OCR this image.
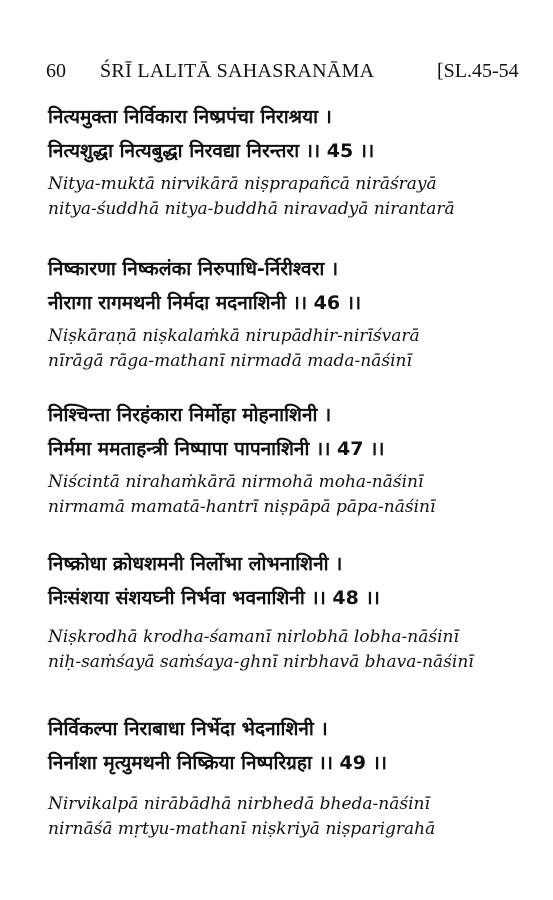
60 ŚRĪ LALITĀ SAHASRANĀMA	[SL.45-54
नित्यमुक्ता निर्विकारा निष्प्रपंचा निराश्रया ।
नित्यशुद्धा नित्यबुद्धा निरवद्या निरन्तरा ।। 45 ।।
Nitya-muktā nirvikārā niṣprapañcā nirāśrayā
nitya-śuddhā nitya-buddhā niravadyā nirantarā
निष्कारणा निष्कलंका निरुपाधि-र्निरीश्वरा ।
नीरागा रागमथनी निर्मदा मदनाशिनी ।। 46 ।।
Niṣkāraṇā niṣkalaṁkā nirupādhir-nirīśvarā
nīrāgā rāga-mathanī nirmadā mada-nāśinī
निश्चिन्ता निरहंकारा निर्मोहा मोहनाशिनी ।
निर्ममा ममताहन्त्री निष्पापा पापनाशिनी ।। 47 ।।
Niścintā nirahaṁkārā nirmohā moha-nāśinī
nirmamā mamatā-hantrī niṣpāpā pāpa-nāśinī
निष्क्रोधा क्रोधशमनी निर्लोभा लोभनाशिनी ।
निःसंशया संशयघ्नी निर्भवा भवनाशिनी ।। 48 ।।
Niṣkrodhā krodha-śamanī nirlobhā lobha-nāśinī
niḥ-saṁśayā saṁśaya-ghnī nirbhavā bhava-nāśinī
निर्विकल्पा निराबाधा निर्भेदा भेदनाशिनी ।
निर्नाशा मृत्युमथनी निष्क्रिया निष्परिग्रहा ।। 49 ।।
Nirvikalpā nirābādhā nirbhedā bheda-nāśinī
nirnāśā mṛtyu-mathanī niṣkriyā niṣparigrahā
